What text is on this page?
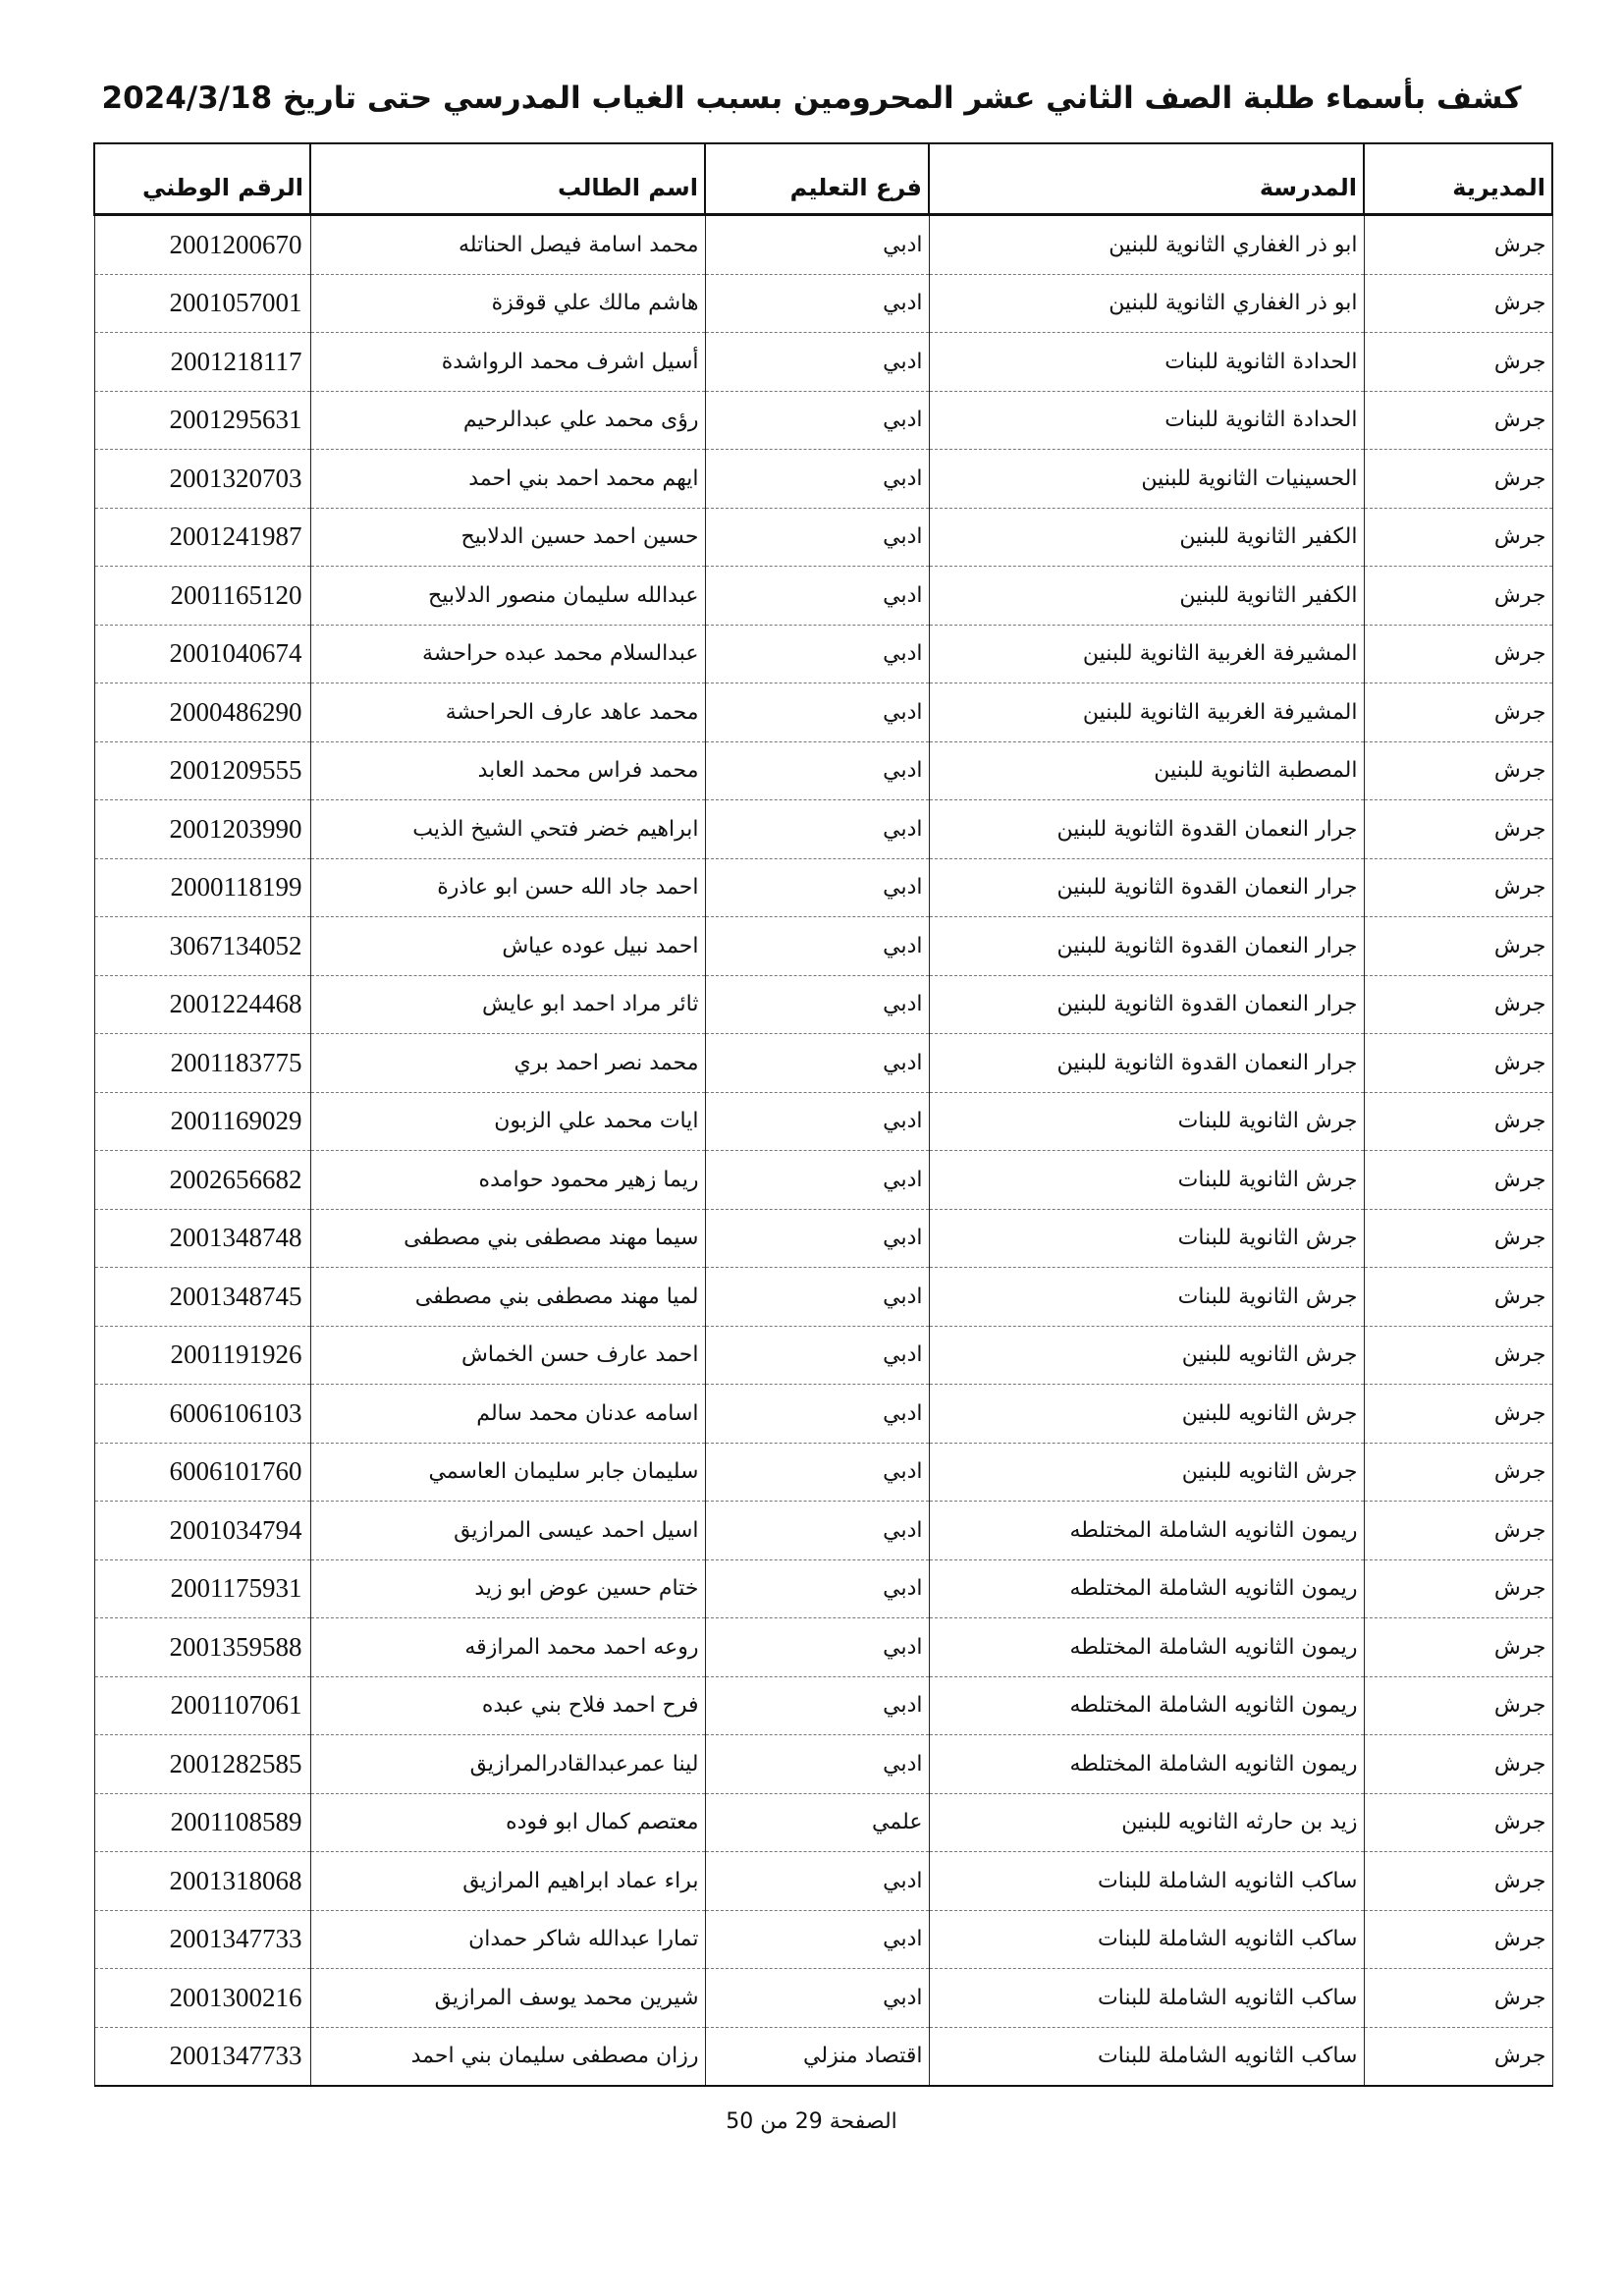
كشف بأسماء طلبة الصف الثاني عشر المحرومين بسبب الغياب المدرسي حتى تاريخ 2024/3/18
المديرية	المدرسة	فرع التعليم	اسم الطالب	الرقم الوطني
جرش	ابو ذر الغفاري الثانوية للبنين	ادبي	محمد اسامة فيصل الحناتله	2001200670
جرش	ابو ذر الغفاري الثانوية للبنين	ادبي	هاشم مالك علي قوقزة	2001057001
جرش	الحدادة الثانوية للبنات	ادبي	أسيل اشرف محمد الرواشدة	2001218117
جرش	الحدادة الثانوية للبنات	ادبي	رؤى محمد علي عبدالرحيم	2001295631
جرش	الحسينيات الثانوية للبنين	ادبي	ايهم محمد احمد بني احمد	2001320703
جرش	الكفير الثانوية للبنين	ادبي	حسين احمد حسين الدلابيح	2001241987
جرش	الكفير الثانوية للبنين	ادبي	عبدالله سليمان منصور الدلابيح	2001165120
جرش	المشيرفة الغربية الثانوية للبنين	ادبي	عبدالسلام محمد عبده حراحشة	2001040674
جرش	المشيرفة الغربية الثانوية للبنين	ادبي	محمد عاهد عارف الحراحشة	2000486290
جرش	المصطبة الثانوية للبنين	ادبي	محمد فراس محمد العابد	2001209555
جرش	جرار النعمان القدوة الثانوية للبنين	ادبي	ابراهيم خضر فتحي الشيخ الذيب	2001203990
جرش	جرار النعمان القدوة الثانوية للبنين	ادبي	احمد جاد الله حسن ابو عاذرة	2000118199
جرش	جرار النعمان القدوة الثانوية للبنين	ادبي	احمد نبيل عوده عياش	3067134052
جرش	جرار النعمان القدوة الثانوية للبنين	ادبي	ثائر مراد احمد ابو عايش	2001224468
جرش	جرار النعمان القدوة الثانوية للبنين	ادبي	محمد نصر احمد بري	2001183775
جرش	جرش الثانوية للبنات	ادبي	ايات محمد علي الزبون	2001169029
جرش	جرش الثانوية للبنات	ادبي	ريما زهير محمود حوامده	2002656682
جرش	جرش الثانوية للبنات	ادبي	سيما مهند مصطفى بني مصطفى	2001348748
جرش	جرش الثانوية للبنات	ادبي	لميا مهند مصطفى بني مصطفى	2001348745
جرش	جرش الثانويه للبنين	ادبي	احمد عارف حسن الخماش	2001191926
جرش	جرش الثانويه للبنين	ادبي	اسامه عدنان محمد سالم	6006106103
جرش	جرش الثانويه للبنين	ادبي	سليمان جابر سليمان العاسمي	6006101760
جرش	ريمون الثانويه الشاملة المختلطه	ادبي	اسيل احمد عيسى المرازيق	2001034794
جرش	ريمون الثانويه الشاملة المختلطه	ادبي	ختام حسين عوض ابو زيد	2001175931
جرش	ريمون الثانويه الشاملة المختلطه	ادبي	روعه احمد محمد المرازقه	2001359588
جرش	ريمون الثانويه الشاملة المختلطه	ادبي	فرح احمد فلاح بني عبده	2001107061
جرش	ريمون الثانويه الشاملة المختلطه	ادبي	لينا عمرعبدالقادرالمرازيق	2001282585
جرش	زيد بن حارثه الثانويه للبنين	علمي	معتصم كمال ابو فوده	2001108589
جرش	ساكب الثانويه الشاملة للبنات	ادبي	براء عماد ابراهيم المرازيق	2001318068
جرش	ساكب الثانويه الشاملة للبنات	ادبي	تمارا عبدالله شاكر حمدان	2001347733
جرش	ساكب الثانويه الشاملة للبنات	ادبي	شيرين محمد يوسف المرازيق	2001300216
جرش	ساكب الثانويه الشاملة للبنات	اقتصاد منزلي	رزان مصطفى سليمان بني احمد	2001347733
الصفحة 29 من 50
